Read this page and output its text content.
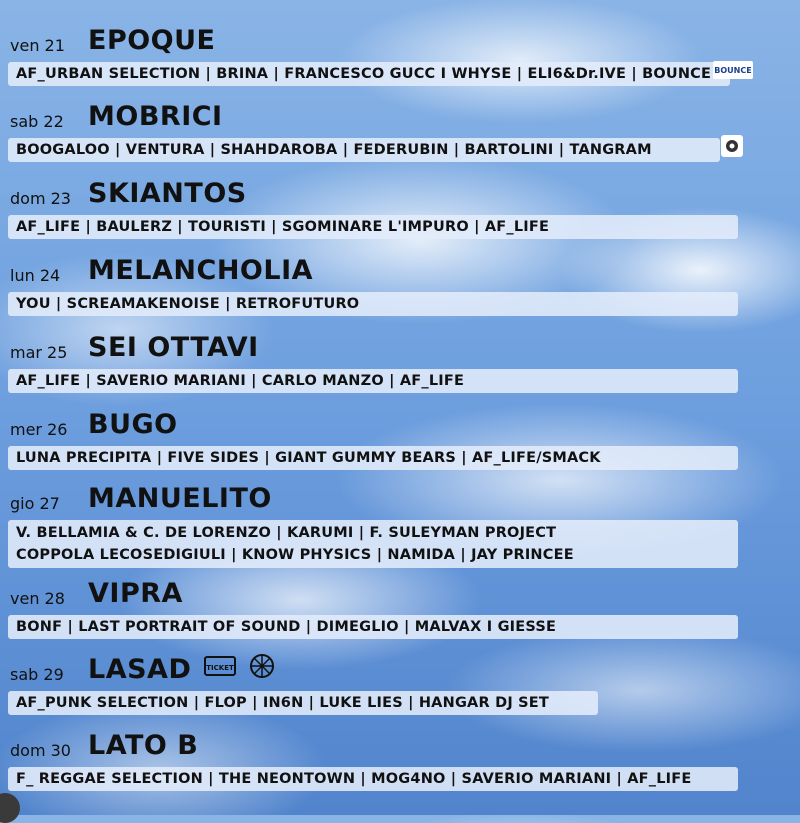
ven 21 EPOQUE
AF_URBAN SELECTION | BRINA | FRANCESCO GUCC I WHYSE | ELI6&Dr.IVE | BOUNCE BOUNCE
sab 22 MOBRICI
BOOGALOO | VENTURA | SHAHDAROBA | FEDERUBIN | BARTOLINI | TANGRAM
dom 23 SKIANTOS
AF_LIFE | BAULERZ | TOURISTI | SGOMINARE L'IMPURO | AF_LIFE
lun 24	MELANCHOLIA
YOU | SCREAMAKENOISE | RETROFUTURO
mar 25 SEI OTTAVI
AF_LIFE | SAVERIO MARIANI | CARLO MANZO | AF_LIFE
mer 26 BUGO
LUNA PRECIPITA | FIVE SIDES | GIANT GUMMY BEARS | AF_LIFE/SMACK
gio 27	MANUELITO
V. BELLAMIA & C. DE LORENZO | KARUMI | F. SULEYMAN PROJECT
COPPOLA LECOSEDIGIULI | KNOW PHYSICS | NAMIDA | JAY PRINCEE
ven 28 VIPRA
BONF | LAST PORTRAIT OF SOUND | DIMEGLIO | MALVAX I GIESSE
sab 29 LASAD TICKET
AF_PUNK SELECTION | FLOP | IN6N | LUKE LIES | HANGAR DJ SET
dom 30 LATO B
F_ REGGAE SELECTION | THE NEONTOWN | MOG4NO | SAVERIO MARIANI | AF_LIFE
